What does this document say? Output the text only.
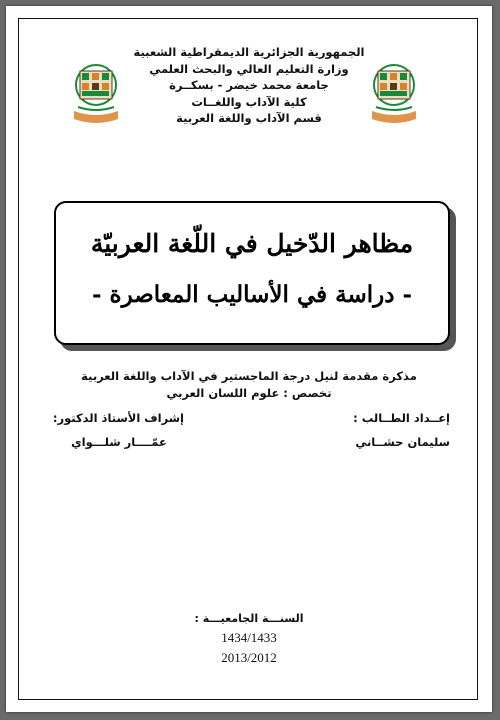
الجمهورية الجزائرية الديمقراطية الشعبية
وزارة التعليم العالي والبحث العلمي
جامعة محمد خيضر - بسكــرة
كلية الآداب واللغــات
قسم الآداب واللغة العربية
مظاهر الدّخيل في اللّغة العربيّة
- دراسة في الأساليب المعاصرة -
مذكرة مقدمة لنيل درجة الماجستير في الآداب واللغة العربية
تخصص : علوم اللسان العربي
إعــداد الطــالب :
سليمان حشــاني
إشراف الأستاذ الدكتور:
عمّــــار شلـــواي
السنـــة الجامعيـــة :
1434/1433
2013/2012
